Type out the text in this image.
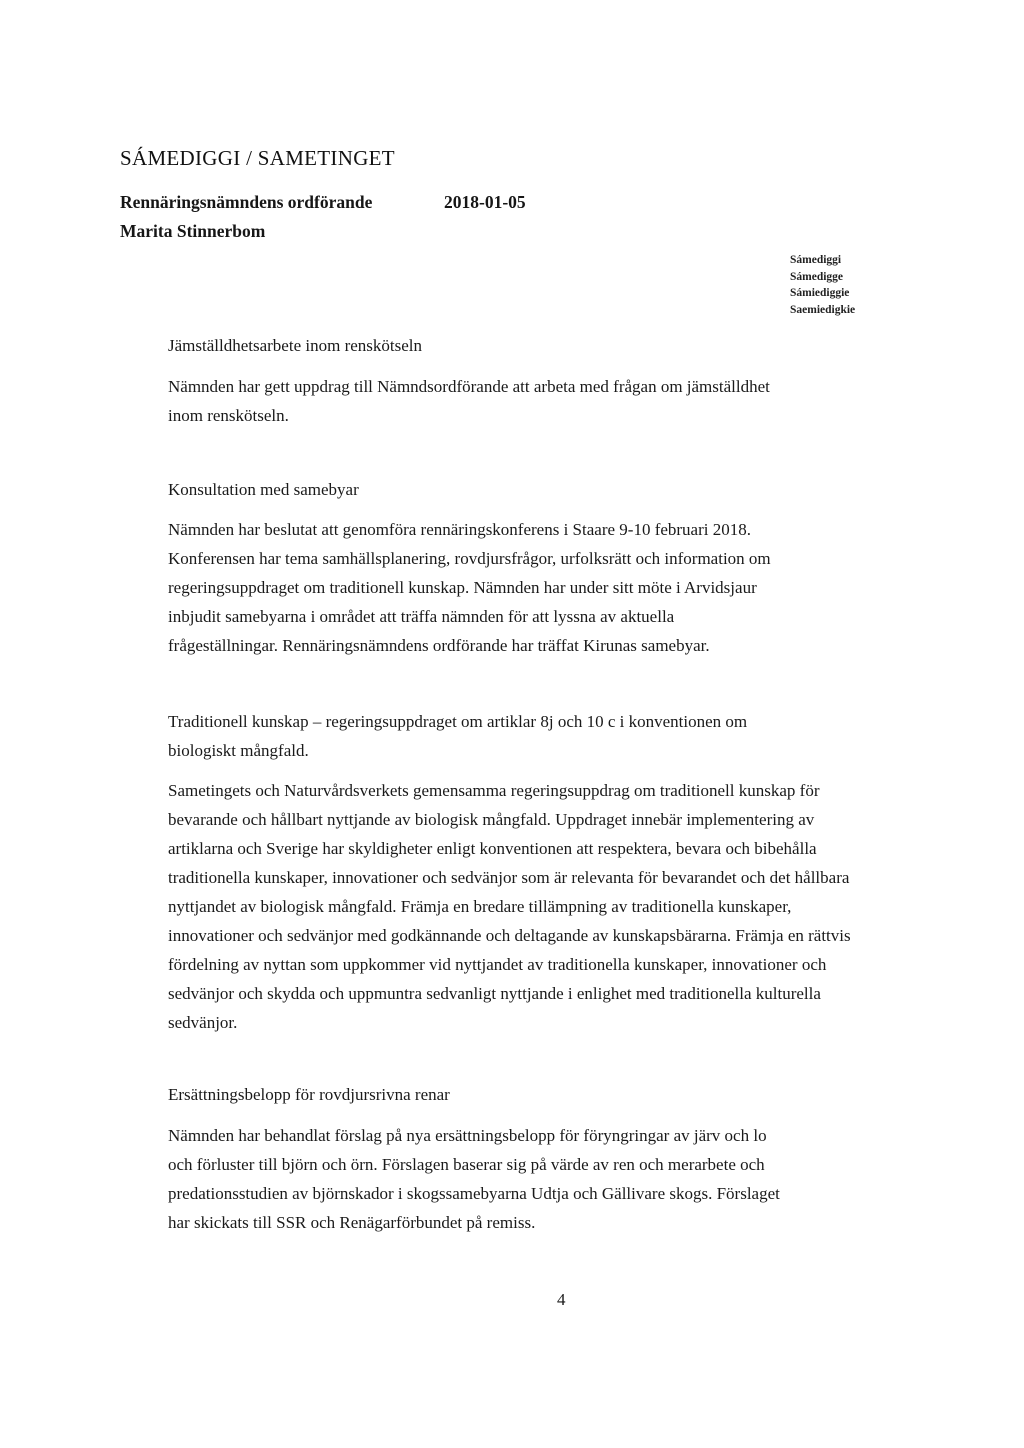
SÁMEDIGGI / SAMETINGET
Rennäringsnämndens ordförande	2018-01-05
Marita Stinnerbom
Sámediggi
Sámedigge
Sámiediggie
Saemiedigkie
Jämställdhetsarbete inom renskötseln
Nämnden har gett uppdrag till Nämndsordförande att arbeta med frågan om jämställdhet
inom renskötseln.
Konsultation med samebyar
Nämnden har beslutat att genomföra rennäringskonferens i Staare 9-10 februari 2018.
Konferensen har tema samhällsplanering, rovdjursfrågor, urfolksrätt och information om
regeringsuppdraget om traditionell kunskap. Nämnden har under sitt möte i Arvidsjaur
inbjudit samebyarna i området att träffa nämnden för att lyssna av aktuella
frågeställningar. Rennäringsnämndens ordförande har träffat Kirunas samebyar.
Traditionell kunskap – regeringsuppdraget om artiklar 8j och 10 c i konventionen om
biologiskt mångfald.
Sametingets och Naturvårdsverkets gemensamma regeringsuppdrag om traditionell kunskap för
bevarande och hållbart nyttjande av biologisk mångfald. Uppdraget innebär implementering av
artiklarna och Sverige har skyldigheter enligt konventionen att respektera, bevara och bibehålla
traditionella kunskaper, innovationer och sedvänjor som är relevanta för bevarandet och det hållbara
nyttjandet av biologisk mångfald. Främja en bredare tillämpning av traditionella kunskaper,
innovationer och sedvänjor med godkännande och deltagande av kunskapsbärarna. Främja en rättvis
fördelning av nyttan som uppkommer vid nyttjandet av traditionella kunskaper, innovationer och
sedvänjor och skydda och uppmuntra sedvanligt nyttjande i enlighet med traditionella kulturella
sedvänjor.
Ersättningsbelopp för rovdjursrivna renar
Nämnden har behandlat förslag på nya ersättningsbelopp för föryngringar av järv och lo
och förluster till björn och örn. Förslagen baserar sig på värde av ren och merarbete och
predationsstudien av björnskador i skogssamebyarna Udtja och Gällivare skogs. Förslaget
har skickats till SSR och Renägarförbundet på remiss.
4
